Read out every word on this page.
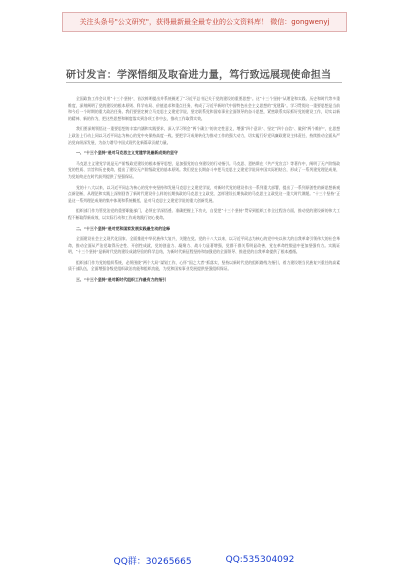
关注头条号"公文研究"，获得最新最全最专业的公文资料库！ 微信：gongwenyj
研讨发言：学深悟细及取奋进力量，笃行致远展现使命担当
全国政协工作会议用“十三个坚持”，首次鲜明提出并系统阐述了“习近平总书记关于党的建设的重要思想”。这“十三个坚持”从理论和实践、历史和时代等多重维度，深刻阐明了党的建设的根本原则、科学布局、价值追求和重点任务，构成了习近平新时代中国特色社会主义思想的“党建篇”。学习贯彻这一重要思想是当前和今后一个时期的重大政治任务。我们要坚定树立马克思主义建党学说，坚定联系党和国家事业全面领导的奋斗思想，紧密联系实际抓好党的建设工作，切实以新的精神、新的作为，把这些思想和制度落实到各项工作中去，推动工作取得实效。
我们要深刻领悟这一重要思想的丰富内涵和实践要求，深入学习领会“两个确立”的决定性意义，增强“四个意识”、坚定“四个自信”、做到“两个维护”，在思想上政治上行动上同以习近平同志为核心的党中央保持高度一致。要把学习成果转化为推动工作的强大动力，切实履行好党风廉政建设主体责任，持续推动全面从严治党向纵深发展，为奋力谱写中国式现代化新篇章贡献力量。
一、“十三个坚持”是对马克思主义党建学说最新成果的坚守
马克思主义建党学说是无产阶级政党建设的根本指导思想，是加强党的自身建设的行动指引。马克思、恩格斯在《共产党宣言》等著作中，阐明了无产阶级政党的性质、宗旨和历史使命，提出了建设无产阶级政党的基本原则。我们党在长期奋斗中把马克思主义建党学说同中国实际相结合，形成了一系列建党理论成果，为党始终走在时代前列提供了坚强保证。
党的十八大以来，以习近平同志为核心的党中央坚持和发展马克思主义建党学说，对新时代党的建设作出一系列重大部署，提出了一系列原创性的新思想新观点新论断，从理论和实践上深刻回答了新时代建设什么样的长期执政的马克思主义政党、怎样建设长期执政的马克思主义政党这一重大时代课题。“十三个坚持”正是这一系列理论成果的集中体现和系统概括，是对马克思主义建党学说的重大创新发展。
组织部门作为管党治党的重要职能部门，必须在学深悟透、准确把握上下功夫，自觉把“十三个坚持”贯穿到组织工作全过程各方面，推动党的建设新的伟大工程不断取得新成效，以实际行动和工作成效践行初心使命。
二、“十三个坚持”是对党和国家发展实践最生动的诠释
全面建设社会主义现代化国家、全面推进中华民族伟大复兴，关键在党。党的十八大以来，以习近平同志为核心的党中央以伟大的自我革命引领伟大的社会革命，推动全面从严治党取得历史性、开创性成就，党的创造力、凝聚力、战斗力显著增强，党群干群关系明显改善，党在革命性锻造中更加坚强有力。实践证明，“十三个坚持”是新时代党的建设成就经验的科学总结，为新时代新征程坚持和加强党的全面领导、推进党的自我革命提供了根本遵循。
组织部门作为党的组织系统，必须围绕“两个大局”谋划工作，心怀“国之大者”抓落实，坚持以新时代党的组织路线为指引，着力建设堪当民族复兴重任的高素质干部队伍，全面增强各级党组织政治功能和组织功能，为党和国家事业发展提供坚强组织保证。
三、“十三个坚持”是对新时代组织工作最有力的指引
QQ群：30265665	QQ:535304092
